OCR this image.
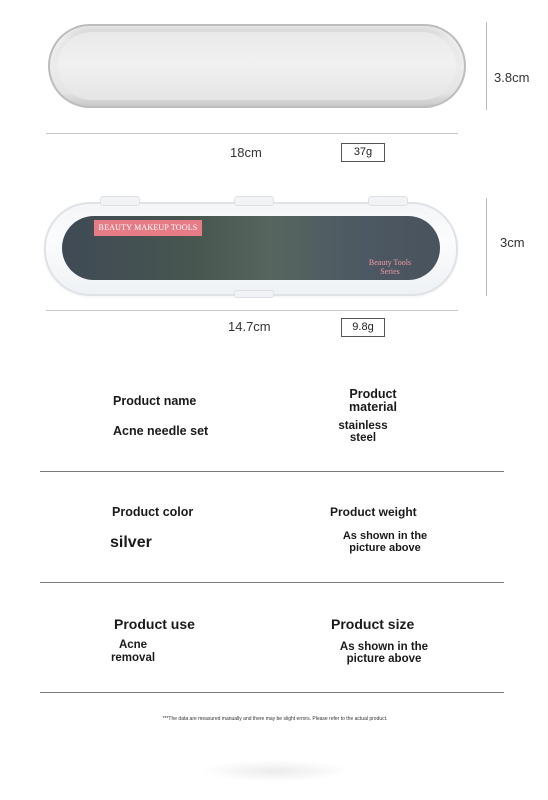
3.8cm
18cm	37g
BEAUTY MAKEUP TOOLS
Beauty Tools Series
3cm
14.7cm	9.8g
Product name
Acne needle set
Product material
stainless steel
Product color
silver
Product weight
As shown in the picture above
Product use
Acne removal
Product size
As shown in the picture above
***The data are measured manually and there may be slight errors. Please refer to the actual product.
